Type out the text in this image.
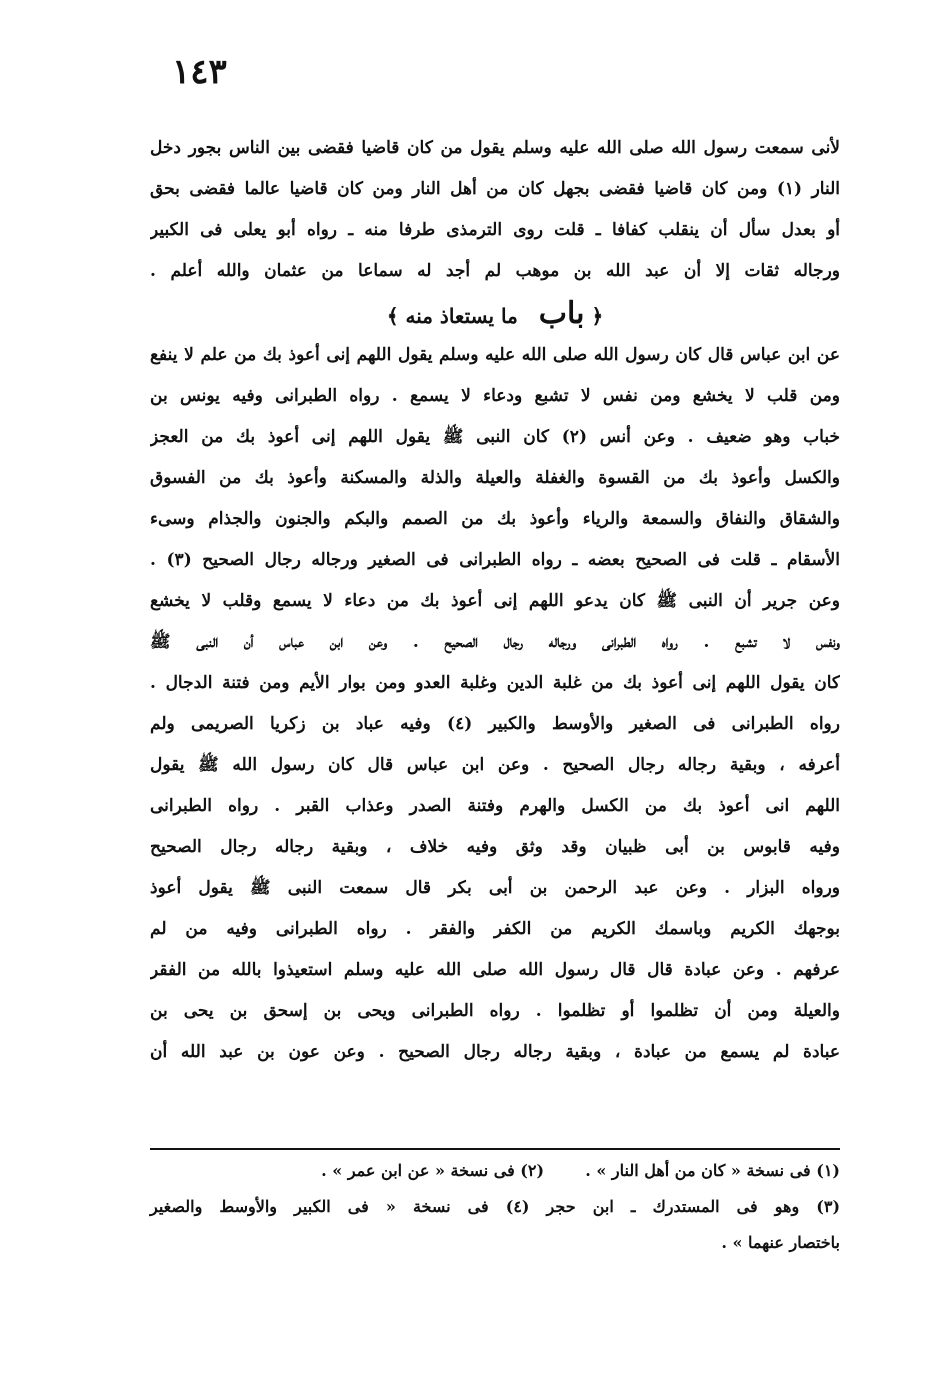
١٤٣
لأنى سمعت رسول الله صلى الله عليه وسلم يقول من كان قاضيا فقضى بين الناس بجور دخل
النار (١) ومن كان قاضيا فقضى بجهل كان من أهل النار ومن كان قاضيا عالما فقضى بحق
أو بعدل سأل أن ينقلب كفافا ـ قلت روى الترمذى طرفا منه ـ رواه أبو يعلى فى الكبير
ورجاله ثقات إلا أن عبد الله بن موهب لم أجد له سماعا من عثمان والله أعلم .
﴿ باب ما يستعاذ منه ﴾
عن ابن عباس قال كان رسول الله صلى الله عليه وسلم يقول اللهم إنى أعوذ بك من علم لا ينفع
ومن قلب لا يخشع ومن نفس لا تشبع ودعاء لا يسمع . رواه الطبرانى وفيه يونس بن
خباب وهو ضعيف . وعن أنس (٢) كان النبى ﷺ يقول اللهم إنى أعوذ بك من العجز
والكسل وأعوذ بك من القسوة والغفلة والعيلة والذلة والمسكنة وأعوذ بك من الفسوق
والشقاق والنفاق والسمعة والرياء وأعوذ بك من الصمم والبكم والجنون والجذام وسىء
الأسقام ـ قلت فى الصحيح بعضه ـ رواه الطبرانى فى الصغير ورجاله رجال الصحيح (٣) .
وعن جرير أن النبى ﷺ كان يدعو اللهم إنى أعوذ بك من دعاء لا يسمع وقلب لا يخشع
ونفس لا تشبع . رواه الطبرانى ورجاله رجال الصحيح . وعن ابن عباس أن النبى ﷺ
كان يقول اللهم إنى أعوذ بك من غلبة الدين وغلبة العدو ومن بوار الأيم ومن فتنة الدجال .
رواه الطبرانى فى الصغير والأوسط والكبير (٤) وفيه عباد بن زكريا الصريمى ولم
أعرفه ، وبقية رجاله رجال الصحيح . وعن ابن عباس قال كان رسول الله ﷺ يقول
اللهم انى أعوذ بك من الكسل والهرم وفتنة الصدر وعذاب القبر . رواه الطبرانى
وفيه قابوس بن أبى ظبيان وقد وثق وفيه خلاف ، وبقية رجاله رجال الصحيح
ورواه البزار . وعن عبد الرحمن بن أبى بكر قال سمعت النبى ﷺ يقول أعوذ
بوجهك الكريم وباسمك الكريم من الكفر والفقر . رواه الطبرانى وفيه من لم
عرفهم . وعن عبادة قال قال رسول الله صلى الله عليه وسلم استعيذوا بالله من الفقر
والعيلة ومن أن تظلموا أو تظلموا . رواه الطبرانى ويحى بن إسحق بن يحى بن
عبادة لم يسمع من عبادة ، وبقية رجاله رجال الصحيح . وعن عون بن عبد الله أن
(١) فى نسخة « كان من أهل النار » .  (٢) فى نسخة « عن ابن عمر » .
(٣) وهو فى المستدرك ـ ابن حجر (٤) فى نسخة « فى الكبير والأوسط والصغير
باختصار عنهما » .
